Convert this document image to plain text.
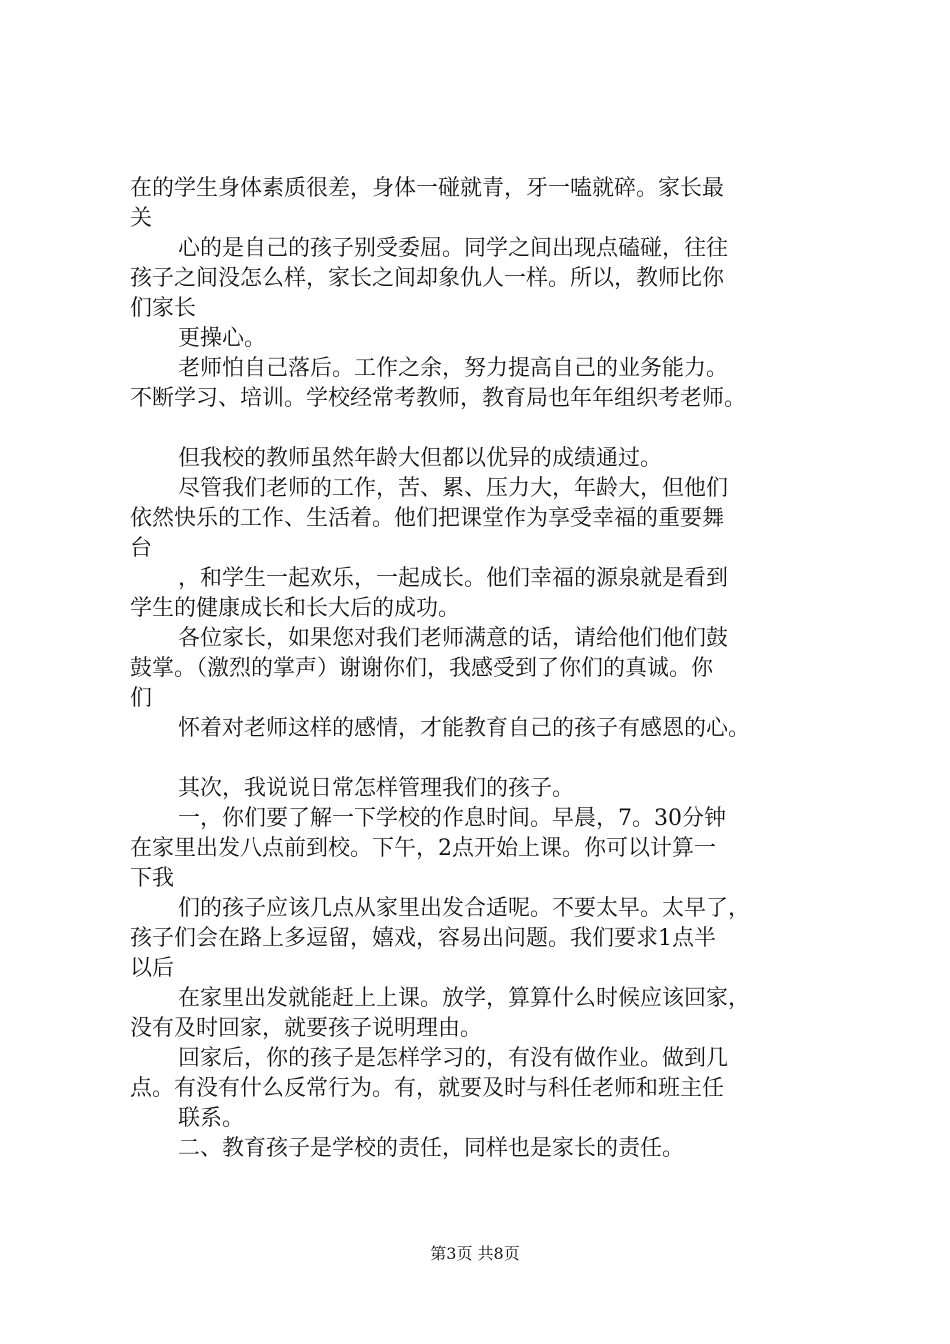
在的学生身体素质很差，身体一碰就青，牙一嗑就碎。家长最
关
心的是自己的孩子别受委屈。同学之间出现点磕碰，往往
孩子之间没怎么样，家长之间却象仇人一样。所以，教师比你
们家长
更操心。
老师怕自己落后。工作之余，努力提高自己的业务能力。
不断学习、培训。学校经常考教师，教育局也年年组织考老师。
但我校的教师虽然年龄大但都以优异的成绩通过。
尽管我们老师的工作，苦、累、压力大，年龄大，但他们
依然快乐的工作、生活着。他们把课堂作为享受幸福的重要舞
台
，和学生一起欢乐，一起成长。他们幸福的源泉就是看到
学生的健康成长和长大后的成功。
各位家长，如果您对我们老师满意的话，请给他们他们鼓
鼓掌。（激烈的掌声）谢谢你们，我感受到了你们的真诚。你
们
怀着对老师这样的感情，才能教育自己的孩子有感恩的心。
其次，我说说日常怎样管理我们的孩子。
一，你们要了解一下学校的作息时间。早晨，7。30分钟
在家里出发八点前到校。下午，2点开始上课。你可以计算一
下我
们的孩子应该几点从家里出发合适呢。不要太早。太早了，
孩子们会在路上多逗留，嬉戏，容易出问题。我们要求1点半
以后
在家里出发就能赶上上课。放学，算算什么时候应该回家，
没有及时回家，就要孩子说明理由。
回家后，你的孩子是怎样学习的，有没有做作业。做到几
点。有没有什么反常行为。有，就要及时与科任老师和班主任
联系。
二、教育孩子是学校的责任，同样也是家长的责任。
第3页 共8页
